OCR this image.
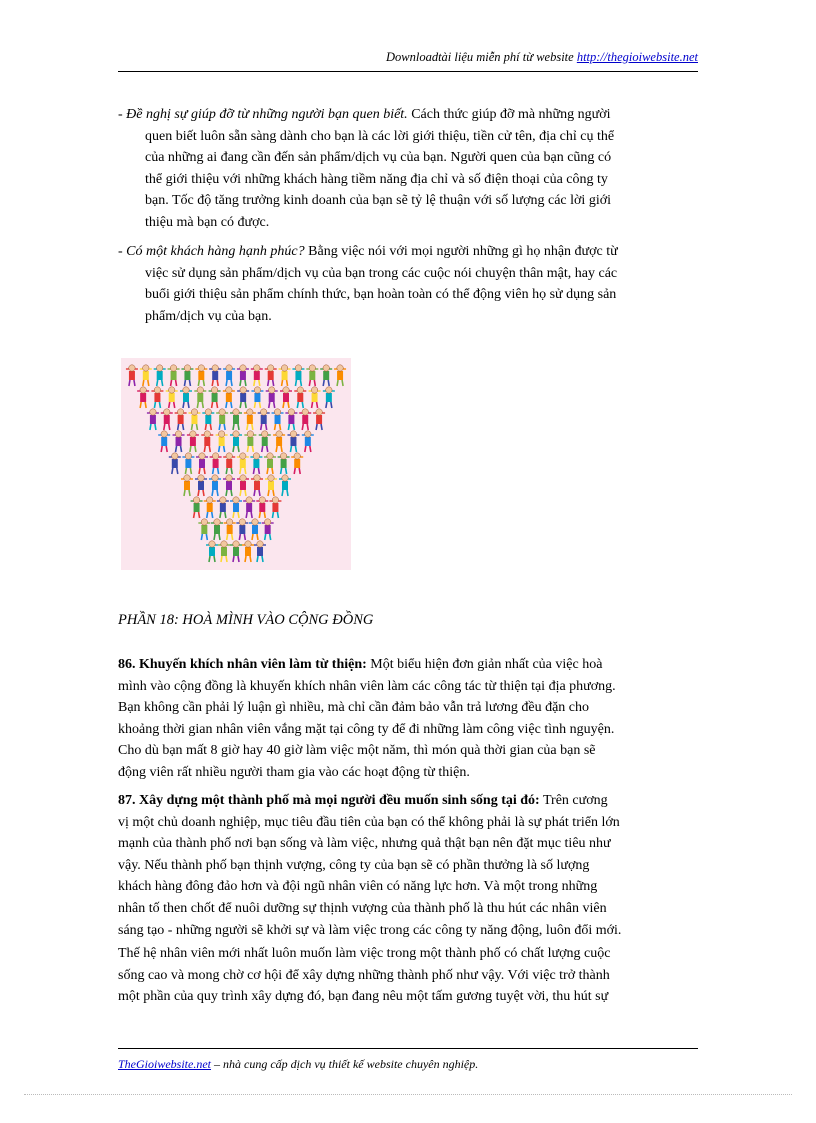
Downloadtài liệu miễn phí từ website http://thegioiwebsite.net
- Đề nghị sự giúp đỡ từ những người bạn quen biết. Cách thức giúp đỡ mà những người
quen biết luôn sẵn sàng dành cho bạn là các lời giới thiệu, tiền cử tên, địa chỉ cụ thể
của những ai đang cần đến sản phẩm/dịch vụ của bạn. Người quen của bạn cũng có
thể giới thiệu với những khách hàng tiềm năng địa chỉ và số điện thoại của công ty
bạn. Tốc độ tăng trưởng kinh doanh của bạn sẽ tỷ lệ thuận với số lượng các lời giới
thiệu mà bạn có được.
- Có một khách hàng hạnh phúc? Bằng việc nói với mọi người những gì họ nhận được từ
việc sử dụng sản phẩm/dịch vụ của bạn trong các cuộc nói chuyện thân mật, hay các
buổi giới thiệu sản phẩm chính thức, bạn hoàn toàn có thể động viên họ sử dụng sản
phẩm/dịch vụ của bạn.
PHẦN 18: HOÀ MÌNH VÀO CỘNG ĐỒNG
86. Khuyến khích nhân viên làm từ thiện: Một biểu hiện đơn giản nhất của việc hoà
mình vào cộng đồng là khuyến khích nhân viên làm các công tác từ thiện tại địa phương.
Bạn không cần phải lý luận gì nhiều, mà chỉ cần đảm bảo vẫn trả lương đều đặn cho
khoảng thời gian nhân viên vắng mặt tại công ty để đi những làm công việc tình nguyện.
Cho dù bạn mất 8 giờ hay 40 giờ làm việc một năm, thì món quà thời gian của bạn sẽ
động viên rất nhiều người tham gia vào các hoạt động từ thiện.
87. Xây dựng một thành phố mà mọi người đều muốn sinh sống tại đó: Trên cương
vị một chủ doanh nghiệp, mục tiêu đầu tiên của bạn có thể không phải là sự phát triển lớn
mạnh của thành phố nơi bạn sống và làm việc, nhưng quả thật bạn nên đặt mục tiêu như
vậy. Nếu thành phố bạn thịnh vượng, công ty của bạn sẽ có phần thưởng là số lượng
khách hàng đông đảo hơn và đội ngũ nhân viên có năng lực hơn. Và một trong những
nhân tố then chốt để nuôi dưỡng sự thịnh vượng của thành phố là thu hút các nhân viên
sáng tạo - những người sẽ khởi sự và làm việc trong các công ty năng động, luôn đổi mới.
Thế hệ nhân viên mới nhất luôn muốn làm việc trong một thành phố có chất lượng cuộc
sống cao và mong chờ cơ hội để xây dựng những thành phố như vậy. Với việc trở thành
một phần của quy trình xây dựng đó, bạn đang nêu một tấm gương tuyệt vời, thu hút sự
TheGioiwebsite.net – nhà cung cấp dịch vụ thiết kế website chuyên nghiệp.
